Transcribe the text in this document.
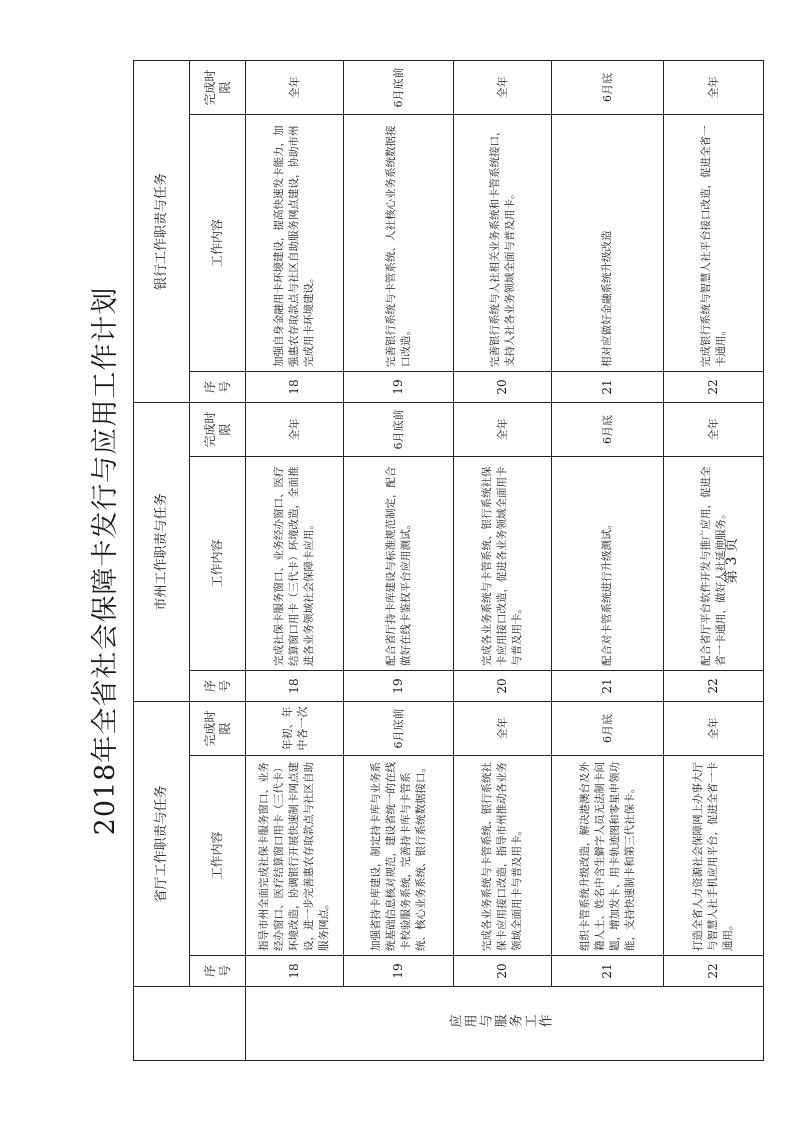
2018年全省社会保障卡发行与应用工作计划
	省厅工作职责与任务			市州工作职责与任务			银行工作职责与任务		
	序号	工作内容	完成时限	序号	工作内容	完成时限	序号	工作内容	完成时限
应用与服务工作	18	指导市州全面完成社保卡服务窗口、业务经办窗口、医疗结算窗口用卡（三代卡）环境改造，协调银行开展快速制卡网点建设，进一步完善惠农存取款点与社区自助服务网点。	年初、年中各一次	18	完成社保卡服务窗口、业务经办窗口、医疗结算窗口用卡（三代卡）环境改造，全面推进各业务领域社会保障卡应用。	全年	18	加强自身金融用卡环境建设，提高快速发卡能力，加强惠农存取款点与社区自助服务网点建设，协助市州完成用卡环境建设。	全年
	19	加强省持卡库建设，制定持卡库与业务系统基础信息核对规范，建设省统一的在线卡校验服务系统，完善持卡库与卡管系统、核心业务系统、银行系统数据接口。	6月底前	19	配合省厅持卡库建设与标准规范制定，配合做好在线卡鉴权平台应用测试。	6月底前	19	完善银行系统与卡管系统、人社核心业务系统数据接口改造。	6月底前
	20	完成各业务系统与卡管系统、银行系统社保卡应用接口改造，指导市州推动各业务领域全面用卡与普及用卡。	全年	20	完成各业务系统与卡管系统、银行系统社保卡应用接口改造，促进各业务领域全面用卡与普及用卡。	全年	20	完善银行系统与人社相关业务系统和卡管系统接口，支持人社各业务领域全面与普及用卡。	全年
	21	组织卡管系统升级改造，解决港澳台及外籍人士、姓名中含生僻字人员无法制卡问题，增加发卡、用卡轨迹图和零星申领功能，支持快速制卡和第三代社保卡。	6月底	21	配合对卡管系统进行升级测试。	6月底	21	相对应做好金融系统升级改造	6月底
	22	打造全省人力资源社会保障网上办事大厅与智慧人社手机应用平台，促进全省一卡通用。	全年	22	配合省厅平台软件开发与推广应用，促进全省一卡通用，做好人社延伸服务。	全年	22	完成银行系统与智慧人社平台接口改造，促进全省一卡通用。	全年
第 3 页
